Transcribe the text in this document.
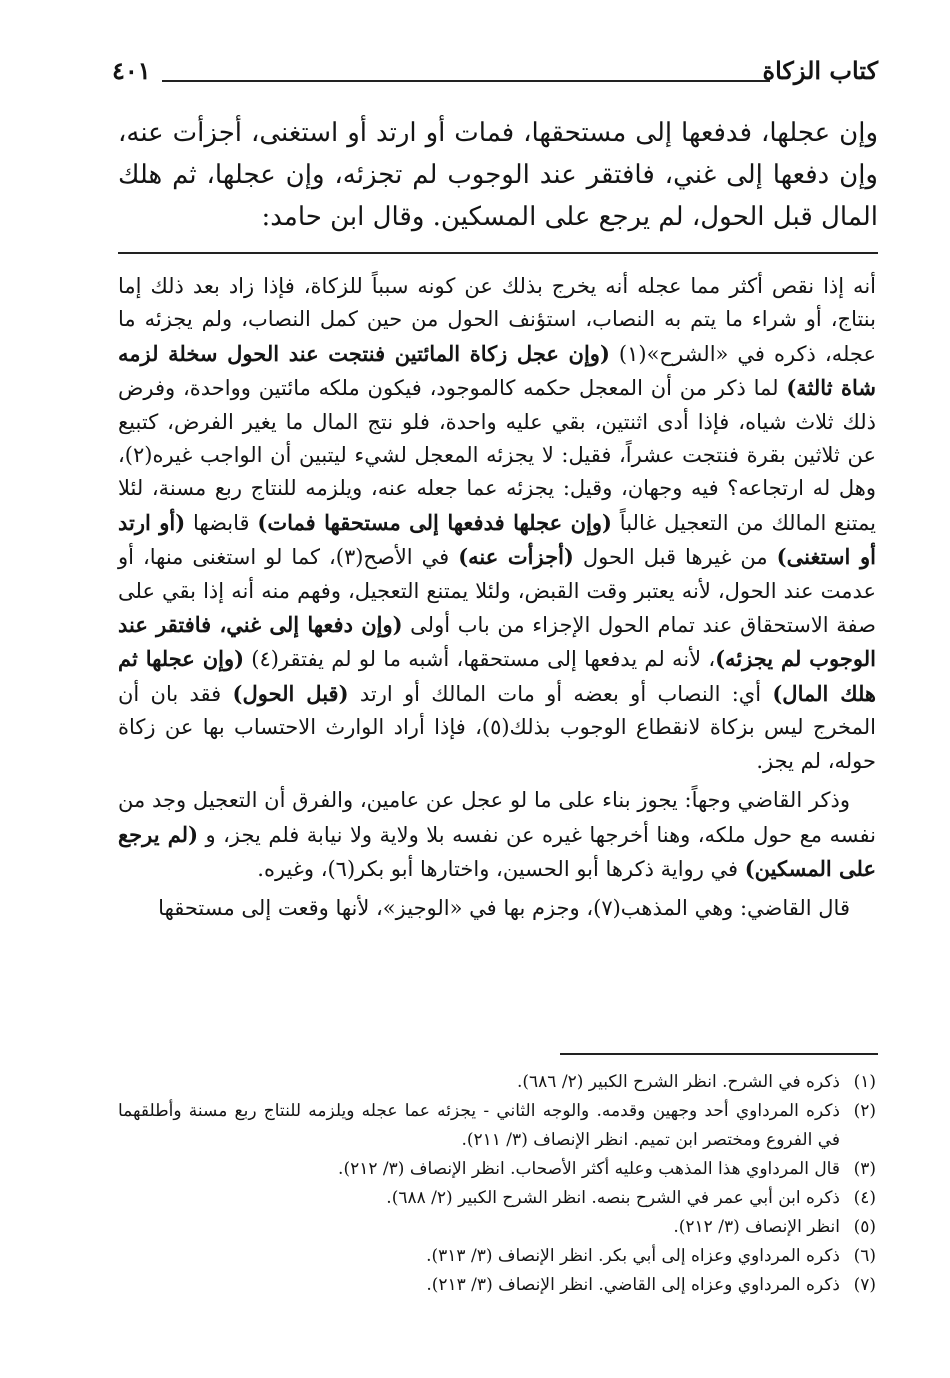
كتاب الزكاة
٤٠١
وإن عجلها، فدفعها إلى مستحقها، فمات أو ارتد أو استغنى، أجزأت عنه، وإن دفعها إلى غني، فافتقر عند الوجوب لم تجزئه، وإن عجلها، ثم هلك المال قبل الحول، لم يرجع على المسكين. وقال ابن حامد:

أنه إذا نقص أكثر مما عجله أنه يخرج بذلك عن كونه سبباً للزكاة، فإذا زاد بعد ذلك إما بنتاج، أو شراء ما يتم به النصاب، استؤنف الحول من حين كمل النصاب، ولم يجزئه ما عجله، ذكره في «الشرح»(١) (وإن عجل زكاة المائتين فنتجت عند الحول سخلة لزمه شاة ثالثة) لما ذكر من أن المعجل حكمه كالموجود، فيكون ملكه مائتين وواحدة، وفرض ذلك ثلاث شياه، فإذا أدى اثنتين، بقي عليه واحدة، فلو نتج المال ما يغير الفرض، كتبيع عن ثلاثين بقرة فنتجت عشراً، فقيل: لا يجزئه المعجل لشيء ليتبين أن الواجب غيره(٢)، وهل له ارتجاعه؟ فيه وجهان، وقيل: يجزئه عما جعله عنه، ويلزمه للنتاج ربع مسنة، لئلا يمتنع المالك من التعجيل غالباً (وإن عجلها فدفعها إلى مستحقها فمات) قابضها (أو ارتد أو استغنى) من غيرها قبل الحول (أجزأت عنه) في الأصح(٣)، كما لو استغنى منها، أو عدمت عند الحول، لأنه يعتبر وقت القبض، ولئلا يمتنع التعجيل، وفهم منه أنه إذا بقي على صفة الاستحقاق عند تمام الحول الإجزاء من باب أولى (وإن دفعها إلى غني، فافتقر عند الوجوب لم يجزئه)، لأنه لم يدفعها إلى مستحقها، أشبه ما لو لم يفتقر(٤) (وإن عجلها ثم هلك المال) أي: النصاب أو بعضه أو مات المالك أو ارتد (قبل الحول) فقد بان أن المخرج ليس بزكاة لانقطاع الوجوب بذلك(٥)، فإذا أراد الوارث الاحتساب بها عن زكاة حوله، لم يجز.

وذكر القاضي وجهاً: يجوز بناء على ما لو عجل عن عامين، والفرق أن التعجيل وجد من نفسه مع حول ملكه، وهنا أخرجها غيره عن نفسه بلا ولاية ولا نيابة فلم يجز، و (لم يرجع على المسكين) في رواية ذكرها أبو الحسين، واختارها أبو بكر(٦)، وغيره.

قال القاضي: وهي المذهب(٧)، وجزم بها في «الوجيز»، لأنها وقعت إلى مستحقها

(١)
ذكره في الشرح. انظر الشرح الكبير (٢/ ٦٨٦).
(٢)
ذكره المرداوي أحد وجهين وقدمه. والوجه الثاني - يجزئه عما عجله ويلزمه للنتاج ربع مسنة وأطلقهما في الفروع ومختصر ابن تميم. انظر الإنصاف (٣/ ٢١١).
(٣)
قال المرداوي هذا المذهب وعليه أكثر الأصحاب. انظر الإنصاف (٣/ ٢١٢).
(٤)
ذكره ابن أبي عمر في الشرح بنصه. انظر الشرح الكبير (٢/ ٦٨٨).
(٥)
انظر الإنصاف (٣/ ٢١٢).
(٦)
ذكره المرداوي وعزاه إلى أبي بكر. انظر الإنصاف (٣/ ٣١٣).
(٧)
ذكره المرداوي وعزاه إلى القاضي. انظر الإنصاف (٣/ ٢١٣).
